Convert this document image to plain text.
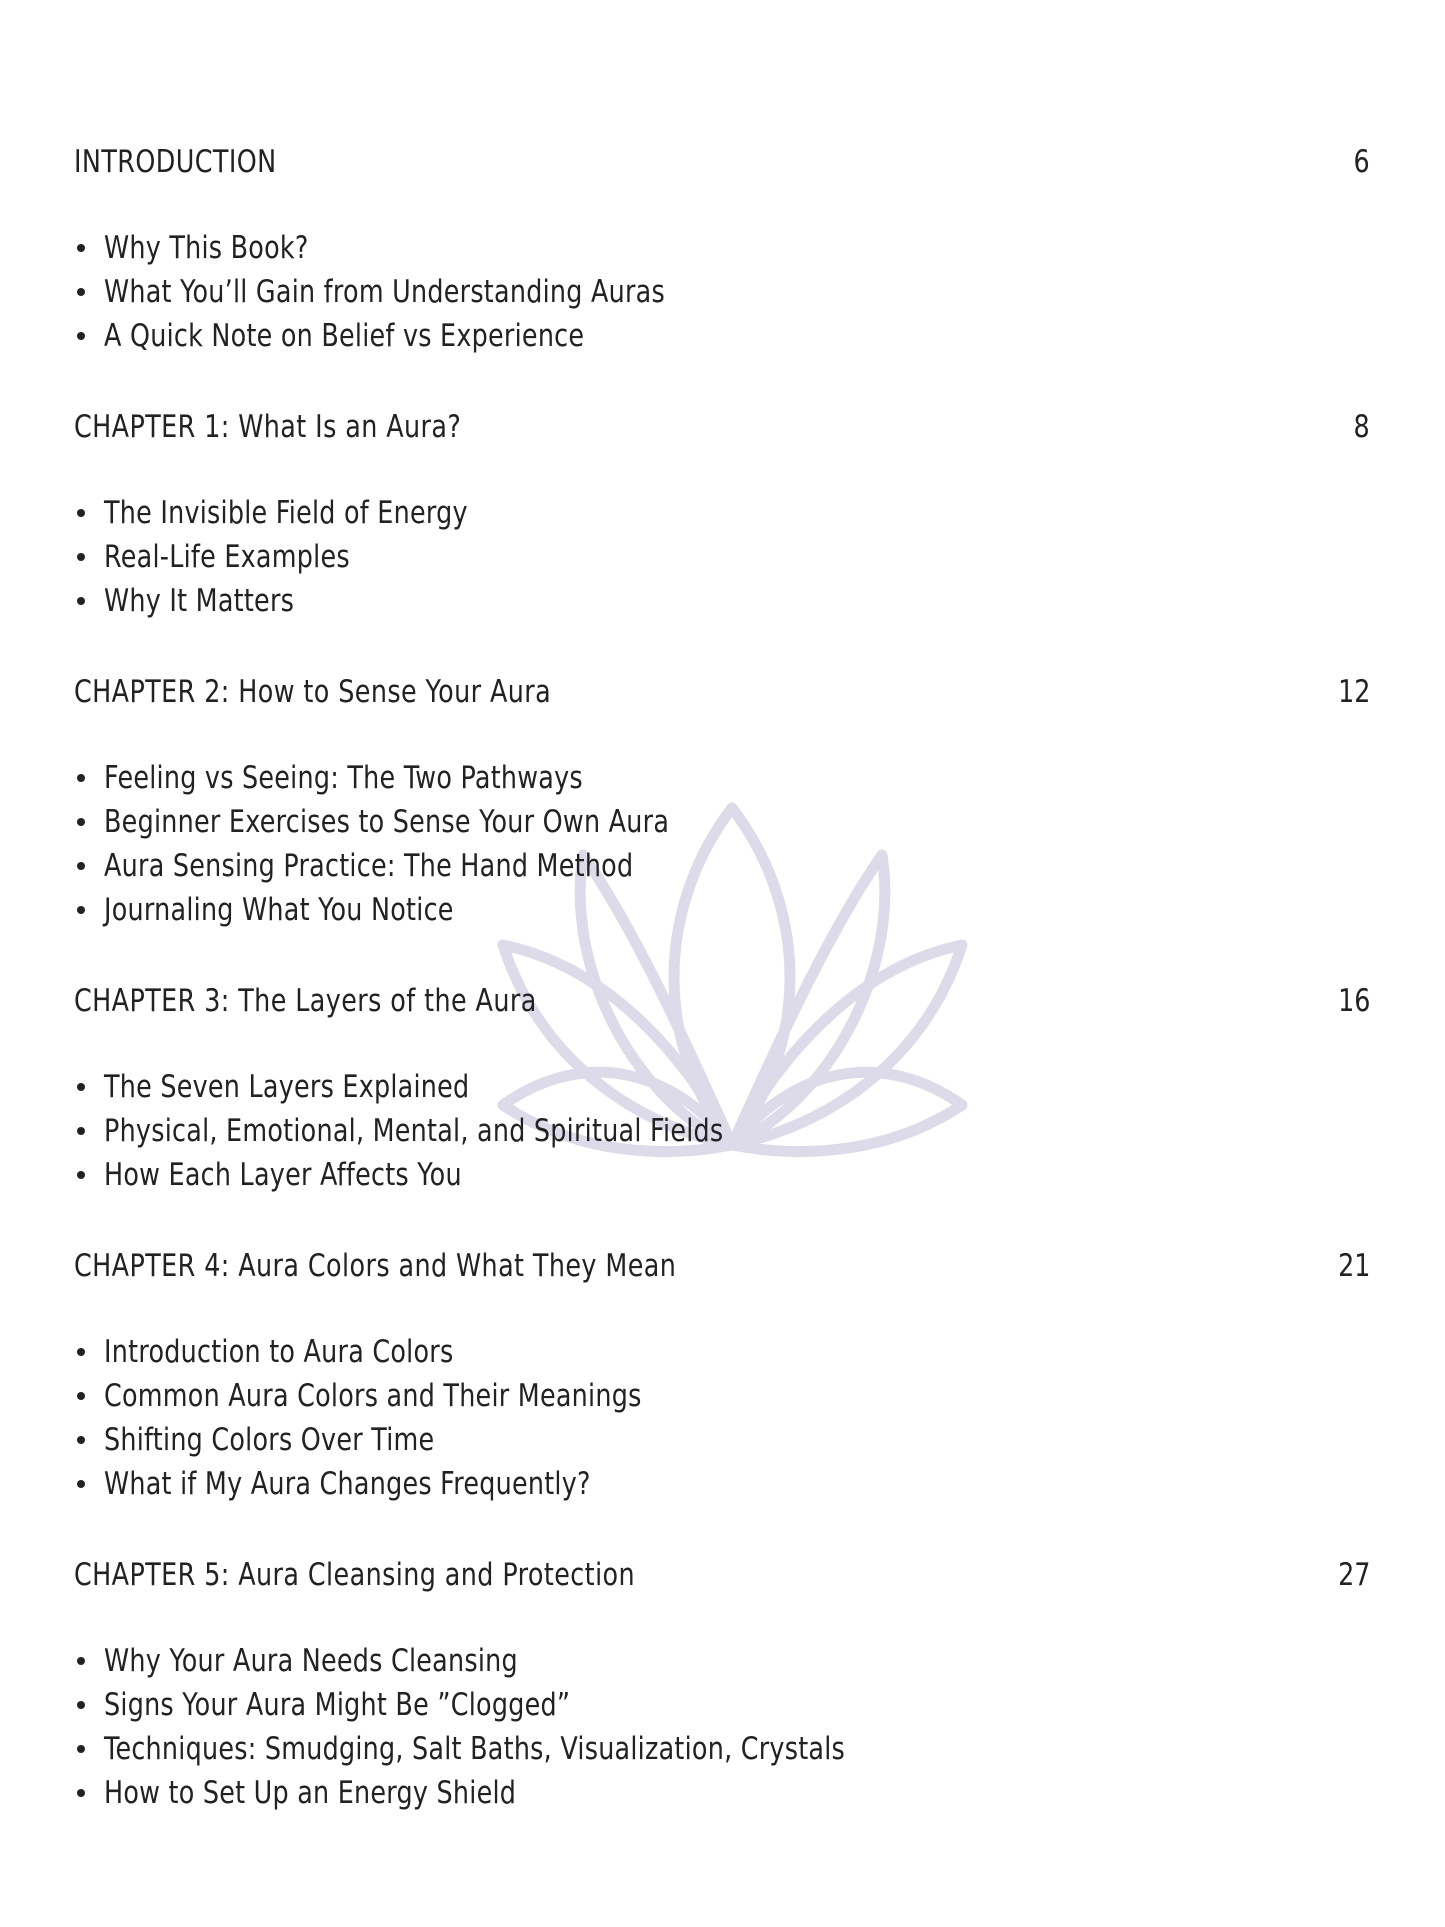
INTRODUCTION	6
Why This Book?
What You’ll Gain from Understanding Auras
A Quick Note on Belief vs Experience
CHAPTER 1: What Is an Aura?	8
The Invisible Field of Energy
Real-Life Examples
Why It Matters
CHAPTER 2: How to Sense Your Aura	12
Feeling vs Seeing: The Two Pathways
Beginner Exercises to Sense Your Own Aura
Aura Sensing Practice: The Hand Method
Journaling What You Notice
CHAPTER 3: The Layers of the Aura	16
The Seven Layers Explained
Physical, Emotional, Mental, and Spiritual Fields
How Each Layer Affects You
CHAPTER 4: Aura Colors and What They Mean	21
Introduction to Aura Colors
Common Aura Colors and Their Meanings
Shifting Colors Over Time
What if My Aura Changes Frequently?
CHAPTER 5: Aura Cleansing and Protection	27
Why Your Aura Needs Cleansing
Signs Your Aura Might Be ”Clogged”
Techniques: Smudging, Salt Baths, Visualization, Crystals
How to Set Up an Energy Shield
